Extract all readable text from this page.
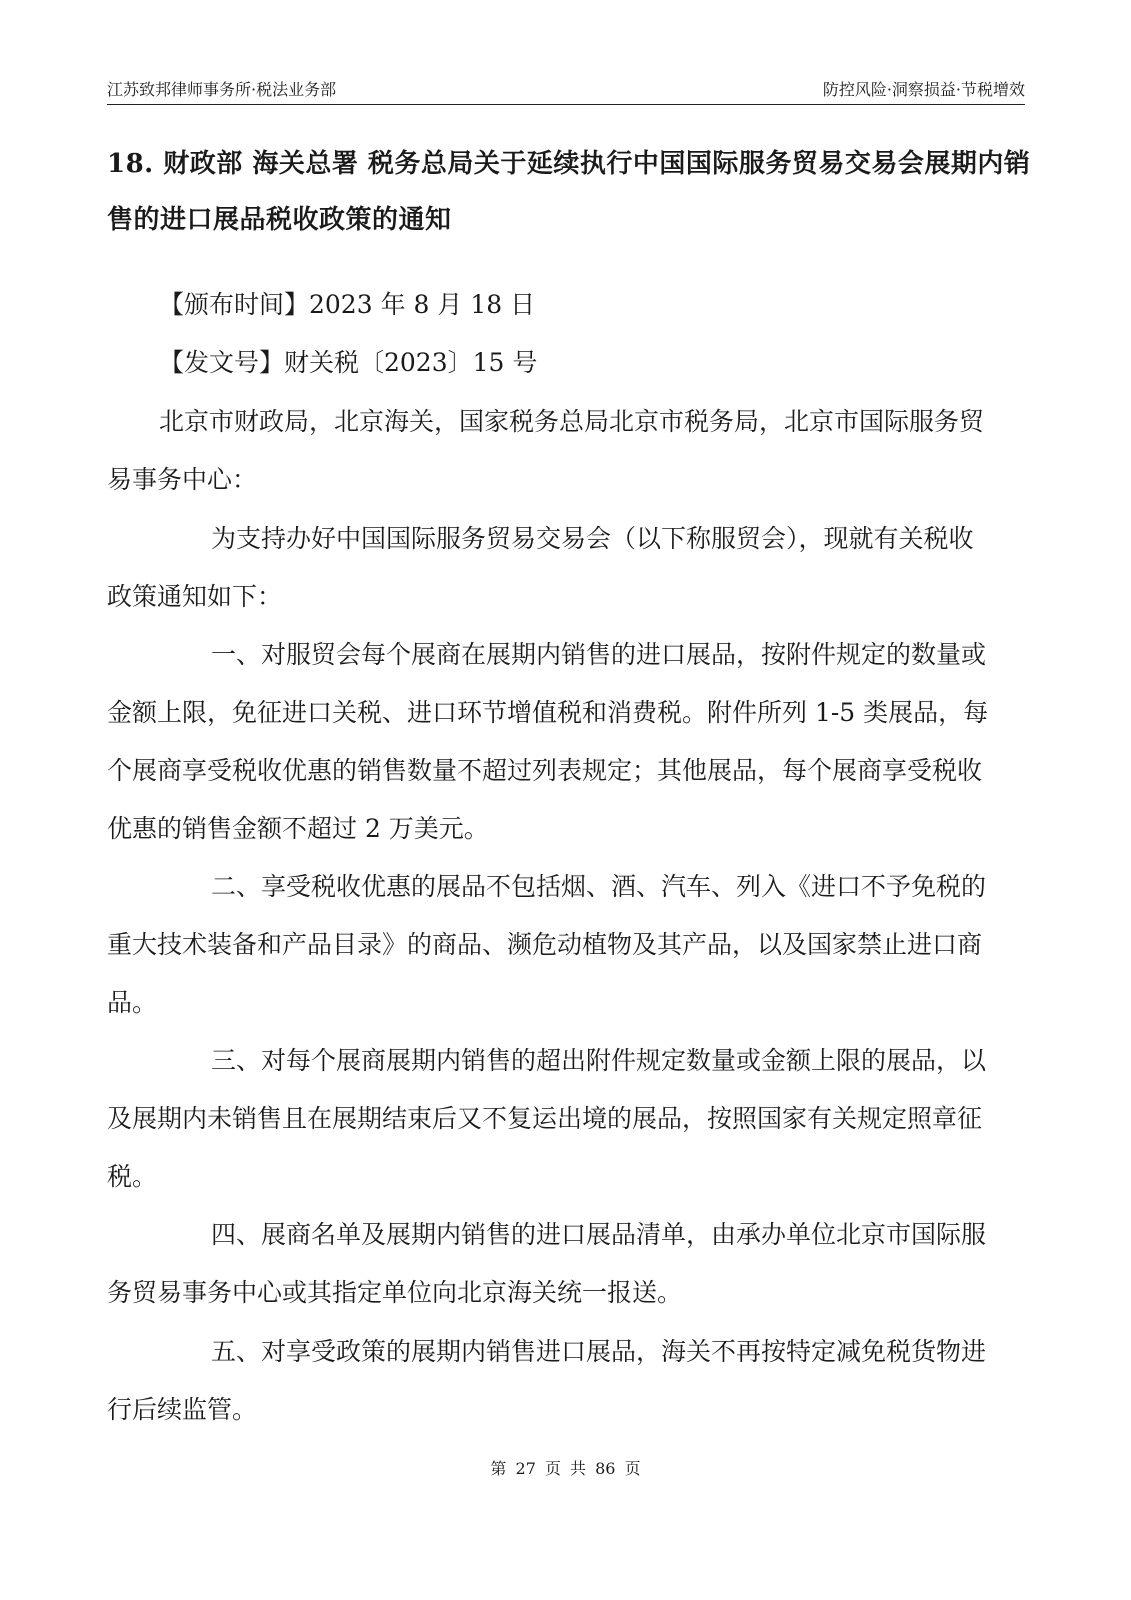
江苏致邦律师事务所·税法业务部	防控风险·洞察损益·节税增效
18. 财政部 海关总署 税务总局关于延续执行中国国际服务贸易交易会展期内销
售的进口展品税收政策的通知

【颁布时间】2023 年 8 月 18 日

【发文号】财关税〔2023〕15 号

北京市财政局，北京海关，国家税务总局北京市税务局，北京市国际服务贸
易事务中心：

为支持办好中国国际服务贸易交易会（以下称服贸会），现就有关税收
政策通知如下：

一、对服贸会每个展商在展期内销售的进口展品，按附件规定的数量或
金额上限，免征进口关税、进口环节增值税和消费税。附件所列 1-5 类展品，每
个展商享受税收优惠的销售数量不超过列表规定；其他展品，每个展商享受税收
优惠的销售金额不超过 2 万美元。

二、享受税收优惠的展品不包括烟、酒、汽车、列入《进口不予免税的
重大技术装备和产品目录》的商品、濒危动植物及其产品，以及国家禁止进口商
品。

三、对每个展商展期内销售的超出附件规定数量或金额上限的展品，以
及展期内未销售且在展期结束后又不复运出境的展品，按照国家有关规定照章征
税。

四、展商名单及展期内销售的进口展品清单，由承办单位北京市国际服
务贸易事务中心或其指定单位向北京海关统一报送。

五、对享受政策的展期内销售进口展品，海关不再按特定减免税货物进
行后续监管。

第 27 页 共 86 页
